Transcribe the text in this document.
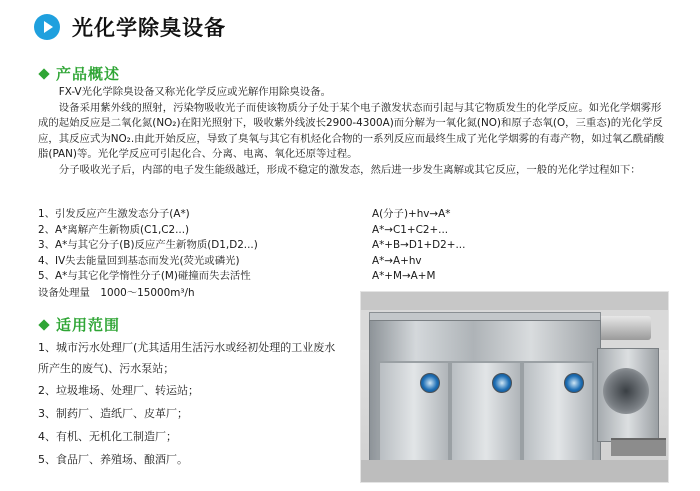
光化学除臭设备
产品概述

FX-V光化学除臭设备又称光化学反应或光解作用除臭设备。

设备采用紫外线的照射，污染物吸收光子而使该物质分子处于某个电子激发状态而引起与其它物质发生的化学反应。如光化学烟雾形成的起始反应是二氧化氮(NO₂)在阳光照射下，吸收紫外线波长2900-4300A)而分解为一氧化氮(NO)和原子态氧(O，三重态)的光化学反应，其反应式为NO₂.由此开始反应，导致了臭氧与其它有机烃化合物的一系列反应而最终生成了光化学烟雾的有毒产物，如过氧乙酰硝酸脂(PAN)等。光化学反应可引起化合、分离、电离、氧化还原等过程。

分子吸收光子后，内部的电子发生能级越迁，形成不稳定的激发态，然后进一步发生离解或其它反应，一般的光化学过程如下：

1、引发反应产生激发态分子(A*)	A(分子)+hv→A*
2、A*离解产生新物质(C1,C2...)	A*→C1+C2+...
3、A*与其它分子(B)反应产生新物质(D1,D2...)	A*+B→D1+D2+...
4、IV失去能量回到基态而发光(荧光或磷光)	A*→A+hv
5、A*与其它化学惰性分子(M)碰撞而失去活性	A*+M→A+M
设备处理量　1000～15000m³/h
适用范围
1、城市污水处理厂(尤其适用生活污水或经初处理的工业废水所产生的废气)、污水泵站；
2、垃圾堆场、处理厂、转运站；
3、制药厂、造纸厂、皮革厂；
4、有机、无机化工制造厂；
5、食品厂、养殖场、酿酒厂。
